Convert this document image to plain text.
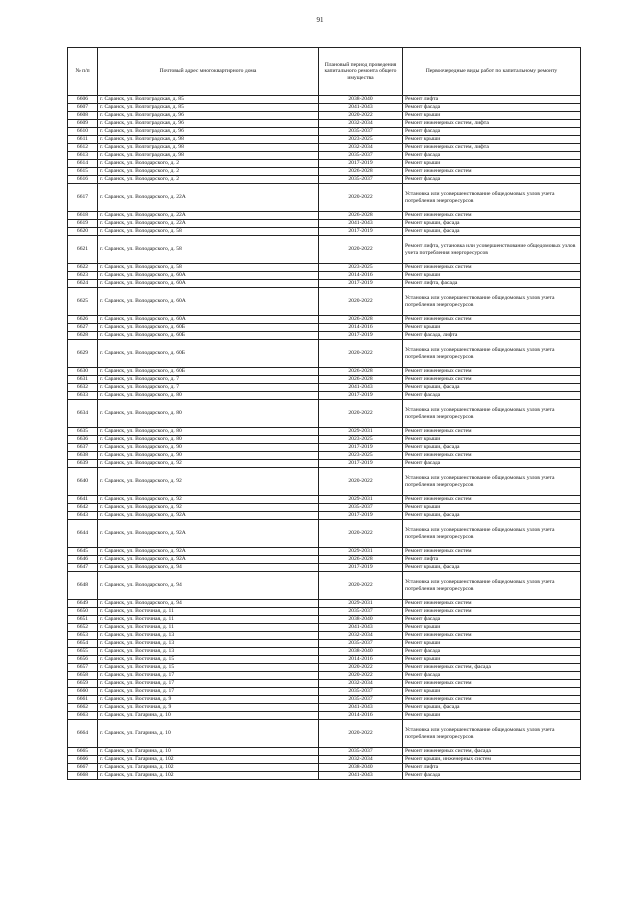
91
№ п/п	Почтовый адрес многоквартирного дома	Плановый период проведения капитального ремонта общего имущества	Первоочередные виды работ по капитальному ремонту
6606	г. Саранск, ул. Волгоградская, д. 85	2038-2040	Ремонт лифта
6607	г. Саранск, ул. Волгоградская, д. 85	2041-2043	Ремонт фасада
6608	г. Саранск, ул. Волгоградская, д. 96	2020-2022	Ремонт крыши
6609	г. Саранск, ул. Волгоградская, д. 96	2032-2034	Ремонт инженерных систем, лифта
6610	г. Саранск, ул. Волгоградская, д. 96	2035-2037	Ремонт фасада
6611	г. Саранск, ул. Волгоградская, д. 98	2023-2025	Ремонт крыши
6612	г. Саранск, ул. Волгоградская, д. 98	2032-2034	Ремонт инженерных систем, лифта
6613	г. Саранск, ул. Волгоградская, д. 98	2035-2037	Ремонт фасада
6614	г. Саранск, ул. Володарского, д. 2	2017-2019	Ремонт крыши
6615	г. Саранск, ул. Володарского, д. 2	2026-2028	Ремонт инженерных систем
6616	г. Саранск, ул. Володарского, д. 2	2035-2037	Ремонт фасада
6617	г. Саранск, ул. Володарского, д. 22А	2020-2022	Установка или усовершенствование общедомовых узлов учета потребления энергоресурсов
6618	г. Саранск, ул. Володарского, д. 22А	2026-2028	Ремонт инженерных систем
6619	г. Саранск, ул. Володарского, д. 22А	2041-2043	Ремонт крыши, фасада
6620	г. Саранск, ул. Володарского, д. 58	2017-2019	Ремонт крыши, фасада
6621	г. Саранск, ул. Володарского, д. 58	2020-2022	Ремонт лифта, установка или усовершенствование общедомовых узлов учета потребления энергоресурсов
6622	г. Саранск, ул. Володарского, д. 58	2023-2025	Ремонт инженерных систем
6623	г. Саранск, ул. Володарского, д. 60А	2014-2016	Ремонт крыши
6624	г. Саранск, ул. Володарского, д. 60А	2017-2019	Ремонт лифта, фасада
6625	г. Саранск, ул. Володарского, д. 60А	2020-2022	Установка или усовершенствование общедомовых узлов учета потребления энергоресурсов
6626	г. Саранск, ул. Володарского, д. 60А	2026-2028	Ремонт инженерных систем
6627	г. Саранск, ул. Володарского, д. 60Б	2014-2016	Ремонт крыши
6628	г. Саранск, ул. Володарского, д. 60Б	2017-2019	Ремонт фасада, лифта
6629	г. Саранск, ул. Володарского, д. 60Б	2020-2022	Установка или усовершенствование общедомовых узлов учета потребления энергоресурсов
6630	г. Саранск, ул. Володарского, д. 60Б	2026-2028	Ремонт инженерных систем
6631	г. Саранск, ул. Володарского, д. 7	2026-2028	Ремонт инженерных систем
6632	г. Саранск, ул. Володарского, д. 7	2041-2043	Ремонт крыши, фасада
6633	г. Саранск, ул. Володарского, д. 80	2017-2019	Ремонт фасада
6634	г. Саранск, ул. Володарского, д. 80	2020-2022	Установка или усовершенствование общедомовых узлов учета потребления энергоресурсов
6635	г. Саранск, ул. Володарского, д. 80	2029-2031	Ремонт инженерных систем
6636	г. Саранск, ул. Володарского, д. 80	2023-2025	Ремонт крыши
6637	г. Саранск, ул. Володарского, д. 90	2017-2019	Ремонт крыши, фасада
6638	г. Саранск, ул. Володарского, д. 90	2023-2025	Ремонт инженерных систем
6639	г. Саранск, ул. Володарского, д. 92	2017-2019	Ремонт фасада
6640	г. Саранск, ул. Володарского, д. 92	2020-2022	Установка или усовершенствование общедомовых узлов учета потребления энергоресурсов
6641	г. Саранск, ул. Володарского, д. 92	2029-2031	Ремонт инженерных систем
6642	г. Саранск, ул. Володарского, д. 92	2035-2037	Ремонт крыши
6643	г. Саранск, ул. Володарского, д. 92А	2017-2019	Ремонт крыши, фасада
6644	г. Саранск, ул. Володарского, д. 92А	2020-2022	Установка или усовершенствование общедомовых узлов учета потребления энергоресурсов
6645	г. Саранск, ул. Володарского, д. 92А	2029-2031	Ремонт инженерных систем
6646	г. Саранск, ул. Володарского, д. 92А	2026-2028	Ремонт лифта
6647	г. Саранск, ул. Володарского, д. 94	2017-2019	Ремонт крыши, фасада
6648	г. Саранск, ул. Володарского, д. 94	2020-2022	Установка или усовершенствование общедомовых узлов учета потребления энергоресурсов
6649	г. Саранск, ул. Володарского, д. 94	2029-2031	Ремонт инженерных систем
6650	г. Саранск, ул. Восточная, д. 11	2035-2037	Ремонт инженерных систем
6651	г. Саранск, ул. Восточная, д. 11	2038-2040	Ремонт фасада
6652	г. Саранск, ул. Восточная, д. 11	2041-2043	Ремонт крыши
6653	г. Саранск, ул. Восточная, д. 13	2032-2034	Ремонт инженерных систем
6654	г. Саранск, ул. Восточная, д. 13	2035-2037	Ремонт крыши
6655	г. Саранск, ул. Восточная, д. 13	2038-2040	Ремонт фасада
6656	г. Саранск, ул. Восточная, д. 15	2014-2016	Ремонт крыши
6657	г. Саранск, ул. Восточная, д. 15	2020-2022	Ремонт инженерных систем, фасада
6658	г. Саранск, ул. Восточная, д. 17	2020-2022	Ремонт фасада
6659	г. Саранск, ул. Восточная, д. 17	2032-2034	Ремонт инженерных систем
6660	г. Саранск, ул. Восточная, д. 17	2035-2037	Ремонт крыши
6661	г. Саранск, ул. Восточная, д. 9	2035-2037	Ремонт инженерных систем
6662	г. Саранск, ул. Восточная, д. 9	2041-2043	Ремонт крыши, фасада
6663	г. Саранск, ул. Гагарина, д. 10	2014-2016	Ремонт крыши
6664	г. Саранск, ул. Гагарина, д. 10	2020-2022	Установка или усовершенствование общедомовых узлов учета потребления энергоресурсов
6665	г. Саранск, ул. Гагарина, д. 10	2035-2037	Ремонт инженерных систем, фасада
6666	г. Саранск, ул. Гагарина, д. 102	2032-2034	Ремонт крыши, инженерных систем
6667	г. Саранск, ул. Гагарина, д. 102	2038-2040	Ремонт лифта
6668	г. Саранск, ул. Гагарина, д. 102	2041-2043	Ремонт фасада
